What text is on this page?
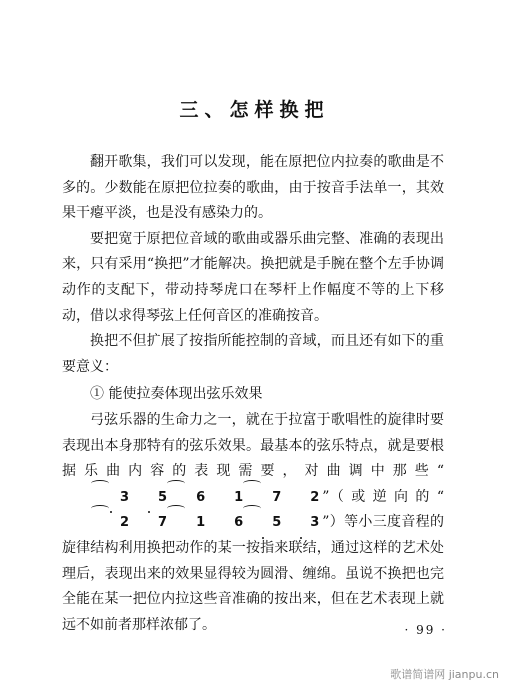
三、怎样换把

翻开歌集，我们可以发现，能在原把位内拉奏的歌曲是不多的。少数能在原把位拉奏的歌曲，由于按音手法单一，其效果干瘪平淡，也是没有感染力的。

要把宽于原把位音域的歌曲或器乐曲完整、准确的表现出来，只有采用“换把”才能解决。换把就是手腕在整个左手协调动作的支配下，带动持琴虎口在琴杆上作幅度不等的上下移动，借以求得琴弦上任何音区的准确按音。

换把不但扩展了按指所能控制的音域，而且还有如下的重要意义：

① 能使拉奏体现出弦乐效果

弓弦乐器的生命力之一，就在于拉富于歌唱性的旋律时要表现出本身那特有的弦乐效果。最基本的弦乐特点，就是要根据乐曲内容的表现需要，对曲调中那些“3 5 6 1 7 2 ”（或逆向的“2 7 1 6 5 3 ”）等小三度音程的旋律结构利用换把动作的某一按指来联结，通过这样的艺术处理后，表现出来的效果显得较为圆滑、缠绵。虽说不换把也完全能在某一把位内拉这些音准确的按出来，但在艺术表现上就远不如前者那样浓郁了。	· 99 ·
歌谱简谱网 jianpu.cn
